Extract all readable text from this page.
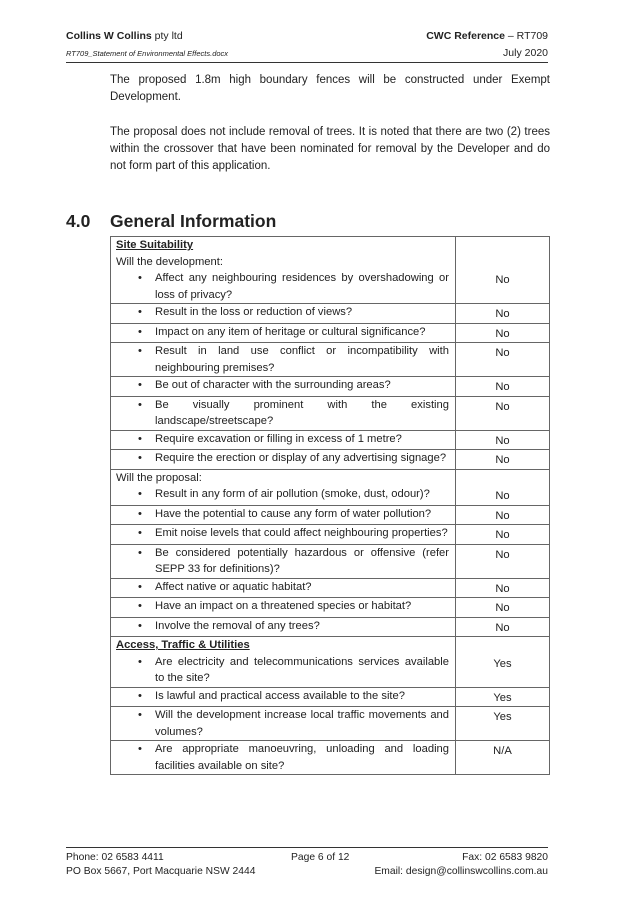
Collins W Collins pty ltd
RT709_Statement of Environmental Effects.docx
CWC Reference – RT709
July 2020
The proposed 1.8m high boundary fences will be constructed under Exempt Development.
The proposal does not include removal of trees. It is noted that there are two (2) trees within the crossover that have been nominated for removal by the Developer and do not form part of this application.
4.0 General Information
Site Suitability
Will the development:
• Affect any neighbouring residences by overshadowing or loss of privacy?	No

• Result in the loss or reduction of views?	No

• Impact on any item of heritage or cultural significance?	No

• Result in land use conflict or incompatibility with neighbouring premises?	No

• Be out of character with the surrounding areas?	No

• Be visually prominent with the existing landscape/streetscape?	No

• Require excavation or filling in excess of 1 metre?	No

• Require the erection or display of any advertising signage?	No

Will the proposal:
• Result in any form of air pollution (smoke, dust, odour)?	No

• Have the potential to cause any form of water pollution?	No

• Emit noise levels that could affect neighbouring properties?	No

• Be considered potentially hazardous or offensive (refer SEPP 33 for definitions)?	No

• Affect native or aquatic habitat?	No

• Have an impact on a threatened species or habitat?	No

• Involve the removal of any trees?	No

Access, Traffic & Utilities
• Are electricity and telecommunications services available to the site?	Yes

• Is lawful and practical access available to the site?	Yes

• Will the development increase local traffic movements and volumes?	Yes

• Are appropriate manoeuvring, unloading and loading facilities available on site?	N/A
Phone: 02 6583 4411
PO Box 5667, Port Macquarie NSW 2444
Page 6 of 12	Fax: 02 6583 9820
Email: design@collinswcollins.com.au
